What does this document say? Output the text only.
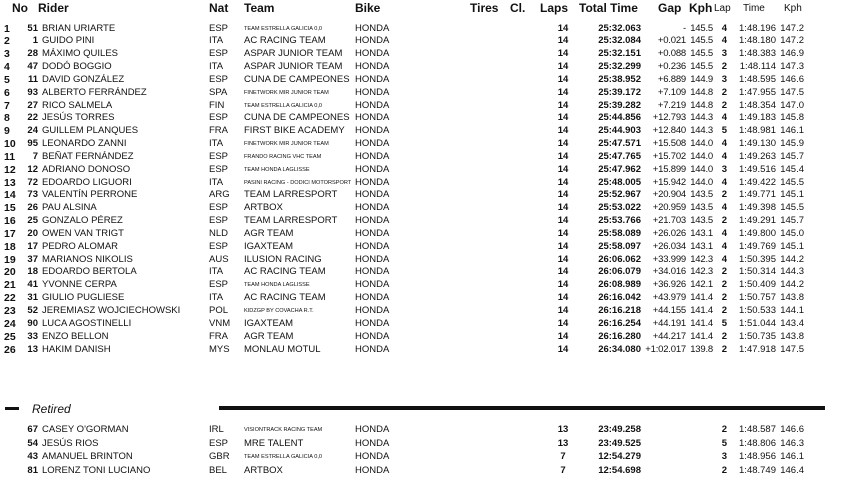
No Rider	Nat Team	Bike	Tires Cl. Laps Total Time Gap Kph Lap Time Kph
1	51 BRIAN URIARTE	ESP	TEAM ESTRELLA GALICIA 0,0	HONDA	14	25:32.063	- 145.5 4	1:48.196 147.2
2	1 GUIDO PINI	ITA	AC RACING TEAM	HONDA	14	25:32.084	+0.021 145.5 4	1:48.180 147.2
3	28 MÁXIMO QUILES	ESP	ASPAR JUNIOR TEAM	HONDA	14	25:32.151	+0.088 145.5 3	1:48.383 146.9
4	47 DODÓ BOGGIO	ITA	ASPAR JUNIOR TEAM	HONDA	14	25:32.299	+0.236 145.5 2	1:48.114 147.3
5	11 DAVID GONZÁLEZ	ESP	CUNA DE CAMPEONES HONDA	14	25:38.952	+6.889 144.9 3	1:48.595 146.6
6	93 ALBERTO FERRÁNDEZ	SPA	FINETWORK MIR JUNIOR TEAM	HONDA	14	25:39.172	+7.109 144.8 2	1:47.955 147.5
7	27 RICO SALMELA	FIN	TEAM ESTRELLA GALICIA 0,0	HONDA	14	25:39.282	+7.219 144.8 2	1:48.354 147.0
8	22 JESÚS TORRES	ESP	CUNA DE CAMPEONES HONDA	14	25:44.856	+12.793 144.3 4	1:49.183 145.8
9	24 GUILLEM PLANQUES	FRA	FIRST BIKE ACADEMY	HONDA	14	25:44.903	+12.840 144.3 5	1:48.981 146.1
10	95 LEONARDO ZANNI	ITA	FINETWORK MIR JUNIOR TEAM	HONDA	14	25:47.571	+15.508 144.0 4	1:49.130 145.9
11	7 BEÑAT FERNÁNDEZ	ESP	FRANDO RACING VHC TEAM	HONDA	14	25:47.765	+15.702 144.0 4	1:49.263 145.7
12	12 ADRIANO DONOSO	ESP	TEAM HONDA LAGLISSE	HONDA	14	25:47.962	+15.899 144.0 3	1:49.516 145.4
13	72 EDOARDO LIGUORI	ITA	PASINI RACING - DODICI MOTORSPORT HONDA	14	25:48.005	+15.942 144.0 4	1:49.422 145.5
14	73 VALENTÍN PERRONE	ARG	TEAM LARRESPORT	HONDA	14	25:52.967	+20.904 143.5 2	1:49.771 145.1
15	26 PAU ALSINA	ESP	ARTBOX	HONDA	14	25:53.022	+20.959 143.5 4	1:49.398 145.5
16	25 GONZALO PÉREZ	ESP	TEAM LARRESPORT	HONDA	14	25:53.766	+21.703 143.5 2	1:49.291 145.7
17	20 OWEN VAN TRIGT	NLD	AGR TEAM	HONDA	14	25:58.089	+26.026 143.1 4	1:49.800 145.0
18	17 PEDRO ALOMAR	ESP	IGAXTEAM	HONDA	14	25:58.097	+26.034 143.1 4	1:49.769 145.1
19	37 MARIANOS NIKOLIS	AUS	ILUSION RACING	HONDA	14	26:06.062	+33.999 142.3 4	1:50.395 144.2
20	18 EDOARDO BERTOLA	ITA	AC RACING TEAM	HONDA	14	26:06.079	+34.016 142.3 2	1:50.314 144.3
21	41 YVONNE CERPA	ESP	TEAM HONDA LAGLISSE	HONDA	14	26:08.989	+36.926 142.1 2	1:50.409 144.2
22	31 GIULIO PUGLIESE	ITA	AC RACING TEAM	HONDA	14	26:16.042	+43.979 141.4 2	1:50.757 143.8
23	52 JEREMIASZ WOJCIECHOWSKI	POL	KIDZGP BY COVACHA R.T.	HONDA	14	26:16.218	+44.155 141.4 2	1:50.533 144.1
24	90 LUCA AGOSTINELLI	VNM	IGAXTEAM	HONDA	14	26:16.254	+44.191 141.4 5	1:51.044 143.4
25	33 ENZO BELLON	FRA	AGR TEAM	HONDA	14	26:16.280	+44.217 141.4 2	1:50.735 143.8
26	13 HAKIM DANISH	MYS	MONLAU MOTUL	HONDA	14	26:34.080 +1:02.017 139.8 2	1:47.918 147.5
Retired
67 CASEY O'GORMAN	IRL	VISIONTRACK RACING TEAM	HONDA	13	23:49.258	2	1:48.587 146.6
54 JESÚS RIOS	ESP	MRE TALENT	HONDA	13	23:49.525	5	1:48.806 146.3
43 AMANUEL BRINTON	GBR	TEAM ESTRELLA GALICIA 0,0	HONDA	7	12:54.279	3	1:48.956 146.1
81 LORENZ TONI LUCIANO	BEL	ARTBOX	HONDA	7	12:54.698	2	1:48.749 146.4
